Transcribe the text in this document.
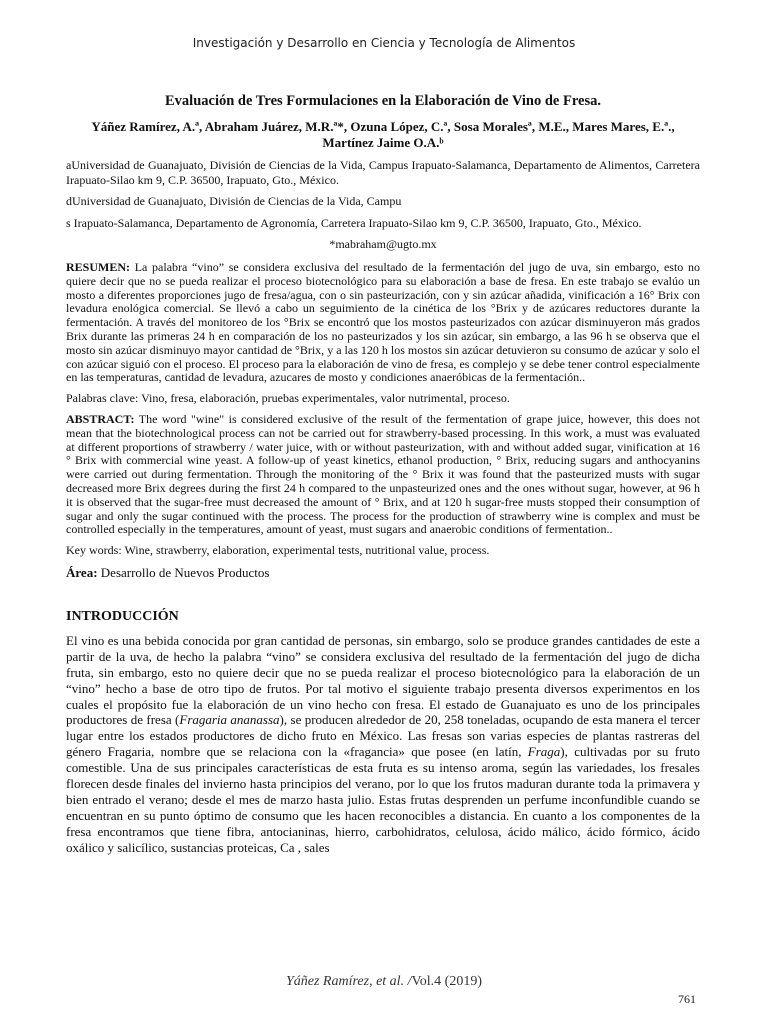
Investigación y Desarrollo en Ciencia y Tecnología de Alimentos
Evaluación de Tres Formulaciones en la Elaboración de Vino de Fresa.
Yáñez Ramírez, A.ª, Abraham Juárez, M.R.ª*, Ozuna López, C.ª, Sosa Moralesª, M.E., Mares Mares, E.ª.,
Martínez Jaime O.A.ᵇ
aUniversidad de Guanajuato, División de Ciencias de la Vida, Campus Irapuato-Salamanca, Departamento de Alimentos, Carretera Irapuato-Silao km 9, C.P. 36500, Irapuato, Gto., México.
dUniversidad de Guanajuato, División de Ciencias de la Vida, Campu
s Irapuato-Salamanca, Departamento de Agronomía, Carretera Irapuato-Silao km 9, C.P. 36500, Irapuato, Gto., México.
*mabraham@ugto.mx

RESUMEN: La palabra “vino” se considera exclusiva del resultado de la fermentación del jugo de uva, sin embargo, esto no quiere decir que no se pueda realizar el proceso biotecnológico para su elaboración a base de fresa. En este trabajo se evalúo un mosto a diferentes proporciones jugo de fresa/agua, con o sin pasteurización, con y sin azúcar añadida, vinificación a 16° Brix con levadura enológica comercial. Se llevó a cabo un seguimiento de la cinética de los °Brix y de azúcares reductores durante la fermentación. A través del monitoreo de los °Brix se encontró que los mostos pasteurizados con azúcar disminuyeron más grados Brix durante las primeras 24 h en comparación de los no pasteurizados y los sin azúcar, sin embargo, a las 96 h se observa que el mosto sin azúcar disminuyo mayor cantidad de °Brix, y a las 120 h los mostos sin azúcar detuvieron su consumo de azúcar y solo el con azúcar siguió con el proceso. El proceso para la elaboración de vino de fresa, es complejo y se debe tener control especialmente en las temperaturas, cantidad de levadura, azucares de mosto y condiciones anaeróbicas de la fermentación..

Palabras clave: Vino, fresa, elaboración, pruebas experimentales, valor nutrimental, proceso.

ABSTRACT: The word "wine" is considered exclusive of the result of the fermentation of grape juice, however, this does not mean that the biotechnological process can not be carried out for strawberry-based processing. In this work, a must was evaluated at different proportions of strawberry / water juice, with or without pasteurization, with and without added sugar, vinification at 16 ° Brix with commercial wine yeast. A follow-up of yeast kinetics, ethanol production, ° Brix, reducing sugars and anthocyanins were carried out during fermentation. Through the monitoring of the ° Brix it was found that the pasteurized musts with sugar decreased more Brix degrees during the first 24 h compared to the unpasteurized ones and the ones without sugar, however, at 96 h it is observed that the sugar-free must decreased the amount of ° Brix, and at 120 h sugar-free musts stopped their consumption of sugar and only the sugar continued with the process. The process for the production of strawberry wine is complex and must be controlled especially in the temperatures, amount of yeast, must sugars and anaerobic conditions of fermentation..

Key words: Wine, strawberry, elaboration, experimental tests, nutritional value, process.

Área: Desarrollo de Nuevos Productos
INTRODUCCIÓN

El vino es una bebida conocida por gran cantidad de personas, sin embargo, solo se produce grandes cantidades de este a partir de la uva, de hecho la palabra “vino” se considera exclusiva del resultado de la fermentación del jugo de dicha fruta, sin embargo, esto no quiere decir que no se pueda realizar el proceso biotecnológico para la elaboración de un “vino” hecho a base de otro tipo de frutos. Por tal motivo el siguiente trabajo presenta diversos experimentos en los cuales el propósito fue la elaboración de un vino hecho con fresa. El estado de Guanajuato es uno de los principales productores de fresa (Fragaria ananassa), se producen alrededor de 20, 258 toneladas, ocupando de esta manera el tercer lugar entre los estados productores de dicho fruto en México. Las fresas son varias especies de plantas rastreras del género Fragaria, nombre que se relaciona con la «fragancia» que posee (en latín, Fraga), cultivadas por su fruto comestible. Una de sus principales características de esta fruta es su intenso aroma, según las variedades, los fresales florecen desde finales del invierno hasta principios del verano, por lo que los frutos maduran durante toda la primavera y bien entrado el verano; desde el mes de marzo hasta julio. Estas frutas desprenden un perfume inconfundible cuando se encuentran en su punto óptimo de consumo que les hacen reconocibles a distancia. En cuanto a los componentes de la fresa encontramos que tiene fibra, antocianinas, hierro, carbohidratos, celulosa, ácido málico, ácido fórmico, ácido oxálico y salicílico, sustancias proteicas, Ca , sales

Yáñez Ramírez, et al. /Vol.4 (2019)
761
